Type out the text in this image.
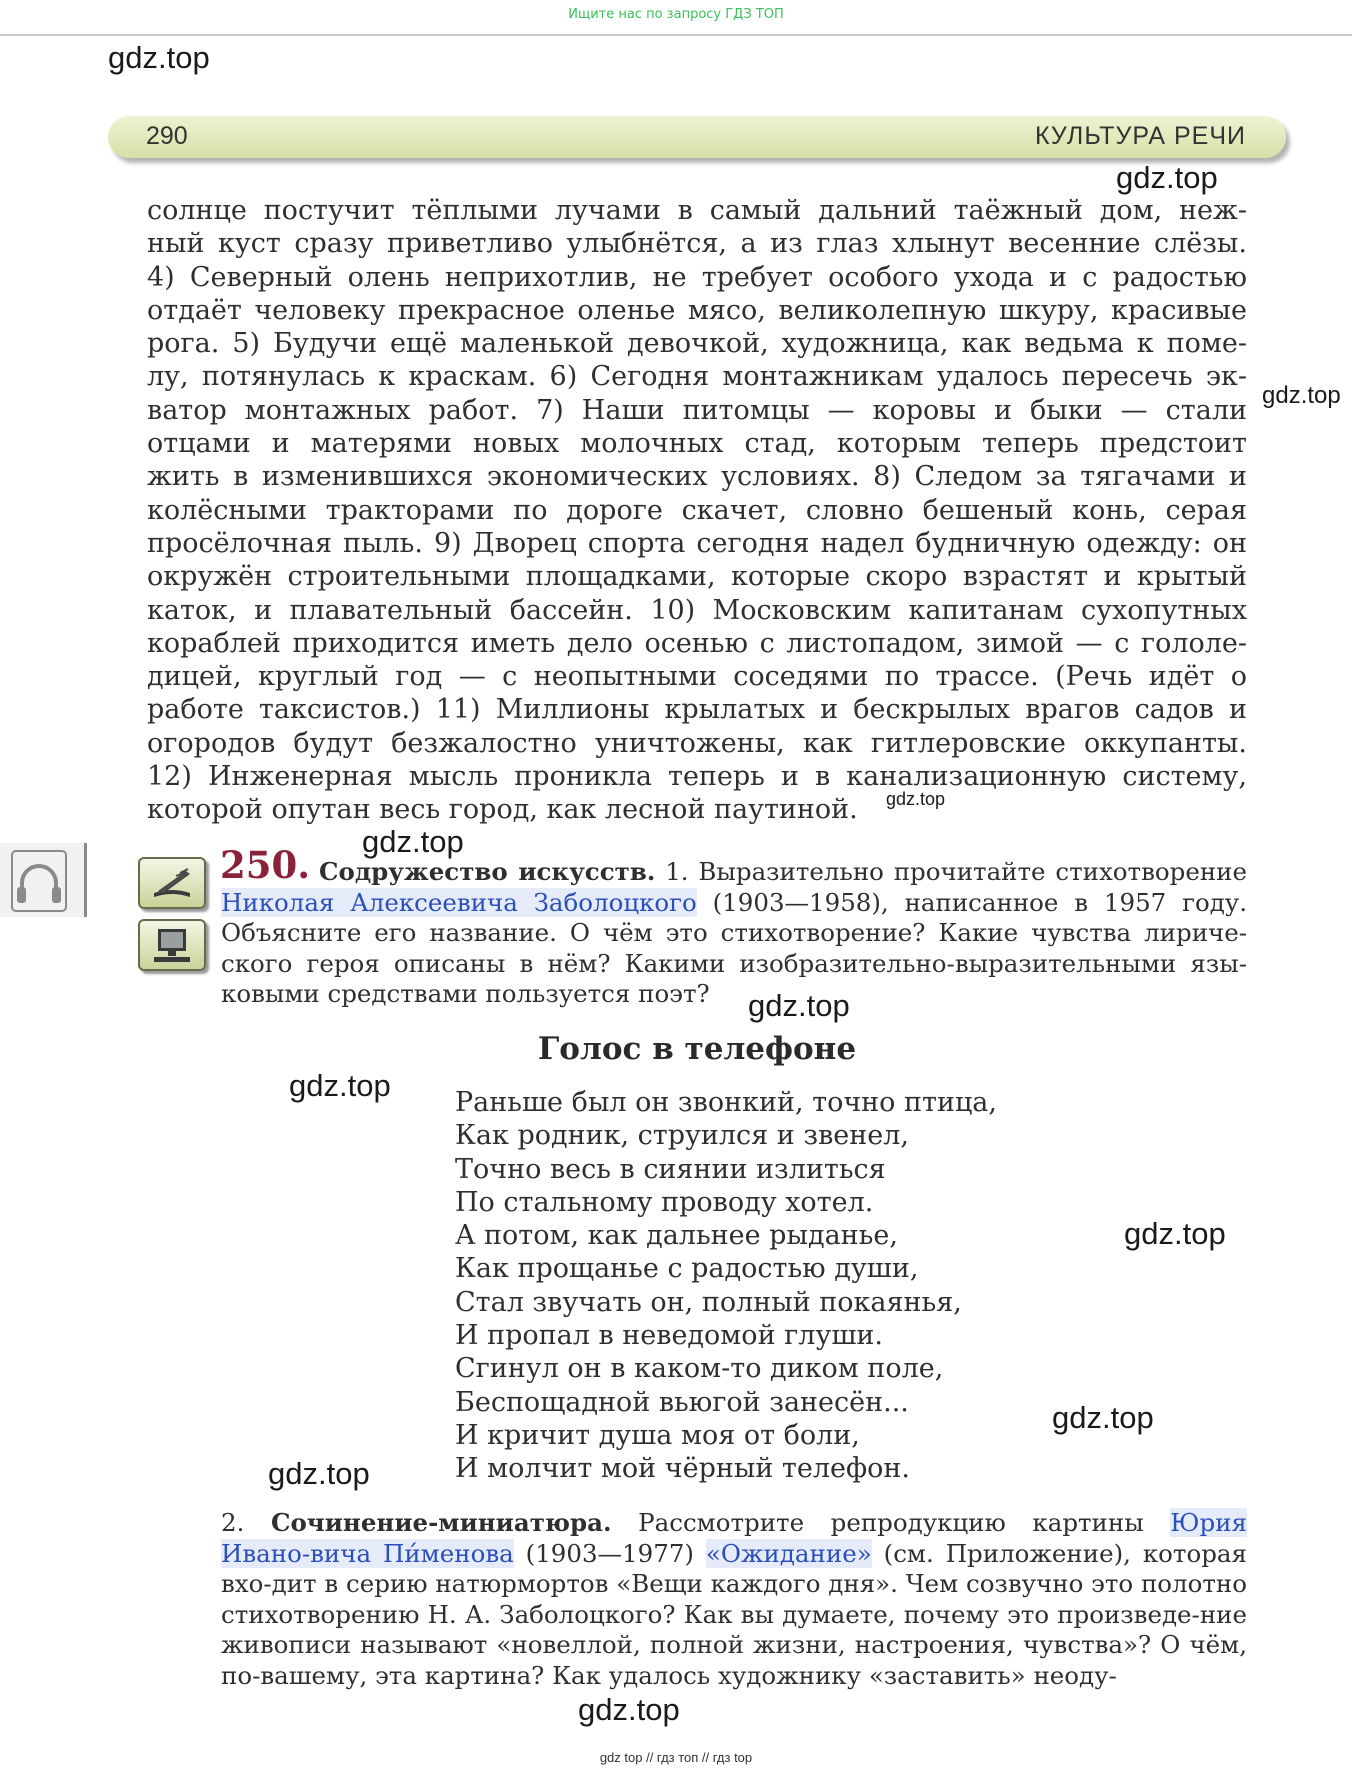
Ищите нас по запросу ГДЗ ТОП
gdz.top
gdz.top
gdz.top
gdz.top
gdz.top
gdz.top
gdz.top
gdz.top
gdz.top
gdz.top
gdz.top
290	КУЛЬТУРА РЕЧИ
солнце постучит тёплыми лучами в самый дальний таёжный дом, неж-
ный куст сразу приветливо улыбнётся, а из глаз хлынут весенние слёзы.
4) Северный олень неприхотлив, не требует особого ухода и с радостью
отдаёт человеку прекрасное оленье мясо, великолепную шкуру, красивые
рога. 5) Будучи ещё маленькой девочкой, художница, как ведьма к поме-
лу, потянулась к краскам. 6) Сегодня монтажникам удалось пересечь эк-
ватор монтажных работ. 7) Наши питомцы — коровы и быки — стали
отцами и матерями новых молочных стад, которым теперь предстоит
жить в изменившихся экономических условиях. 8) Следом за тягачами и
колёсными тракторами по дороге скачет, словно бешеный конь, серая
просёлочная пыль. 9) Дворец спорта сегодня надел будничную одежду: он
окружён строительными площадками, которые скоро взрастят и крытый
каток, и плавательный бассейн. 10) Московским капитанам сухопутных
кораблей приходится иметь дело осенью с листопадом, зимой — с гололе-
дицей, круглый год — с неопытными соседями по трассе. (Речь идёт о
работе таксистов.) 11) Миллионы крылатых и бескрылых врагов садов и
огородов будут безжалостно уничтожены, как гитлеровские оккупанты.
12) Инженерная мысль проникла теперь и в канализационную систему,
которой опутан весь город, как лесной паутиной.
250. Содружество искусств. 1. Выразительно прочитайте стихотворение Николая Алексеевича Заболоцкого (1903—1958), написанное в 1957 году. Объясните его название. О чём это стихотворение? Какие чувства лириче-ского героя описаны в нём? Какими изобразительно-выразительными язы-ковыми средствами пользуется поэт?
Голос в телефоне
Раньше был он звонкий, точно птица,
Как родник, струился и звенел,
Точно весь в сиянии излиться
По стальному проводу хотел.
А потом, как дальнее рыданье,
Как прощанье с радостью души,
Стал звучать он, полный покаянья,
И пропал в неведомой глуши.
Сгинул он в каком-то диком поле,
Беспощадной вьюгой занесён...
И кричит душа моя от боли,
И молчит мой чёрный телефон.
2. Сочинение-миниатюра. Рассмотрите репродукцию картины Юрия Ивано-вича Пи́менова (1903—1977) «Ожидание» (см. Приложение), которая вхо-дит в серию натюрмортов «Вещи каждого дня». Чем созвучно это полотно стихотворению Н. А. Заболоцкого? Как вы думаете, почему это произведе-ние живописи называют «новеллой, полной жизни, настроения, чувства»? О чём, по-вашему, эта картина? Как удалось художнику «заставить» неоду-
gdz top // гдз топ // гдз top
